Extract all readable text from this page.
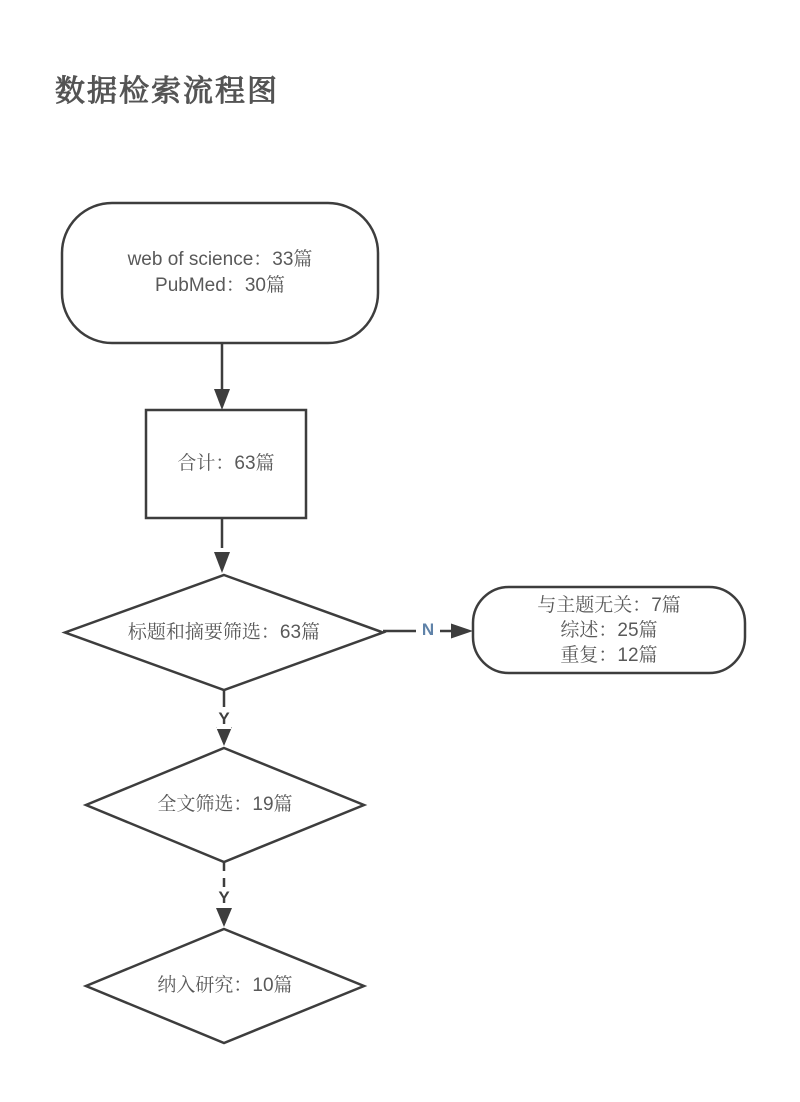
数据检索流程图
web of science：33篇
PubMed：30篇
合计：63篇
标题和摘要筛选：63篇
与主题无关：7篇
综述：25篇
重复：12篇
全文筛选：19篇
纳入研究：10篇
N
Y
Y
